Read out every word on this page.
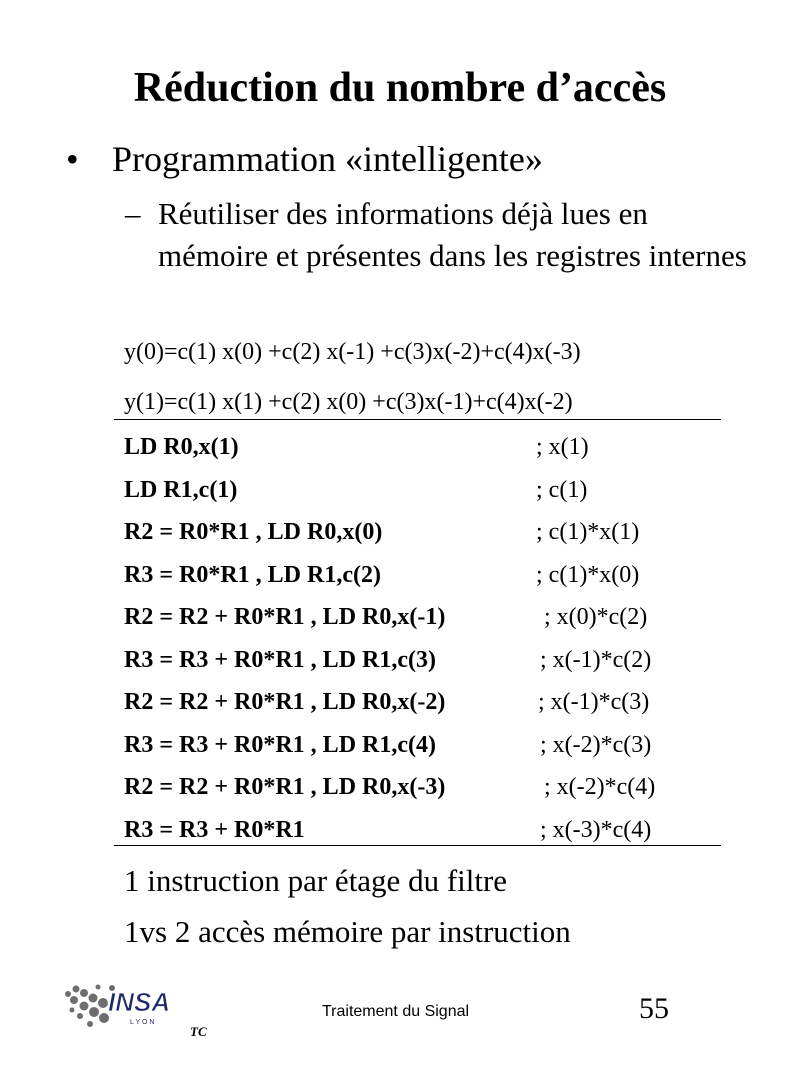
Réduction du nombre d’accès
• Programmation «intelligente»
– Réutiliser des informations déjà lues en mémoire et présentes dans les registres internes
y(0)=c(1) x(0) +c(2) x(-1) +c(3)x(-2)+c(4)x(-3)
y(1)=c(1) x(1) +c(2) x(0) +c(3)x(-1)+c(4)x(-2)
LD R0,x(1)	; x(1)
LD R1,c(1)	; c(1)
R2 = R0*R1 , LD R0,x(0)	; c(1)*x(1)
R3 = R0*R1 , LD R1,c(2)	; c(1)*x(0)
R2 = R2 + R0*R1 , LD R0,x(-1)	; x(0)*c(2)
R3 = R3 + R0*R1 , LD R1,c(3)	; x(-1)*c(2)
R2 = R2 + R0*R1 , LD R0,x(-2)	; x(-1)*c(3)
R3 = R3 + R0*R1 , LD R1,c(4)	; x(-2)*c(3)
R2 = R2 + R0*R1 , LD R0,x(-3)	; x(-2)*c(4)
R3 = R3 + R0*R1	; x(-3)*c(4)
1 instruction par étage du filtre
1vs 2 accès mémoire par instruction
INSA
L Y O N
TC
Traitement du Signal	55
